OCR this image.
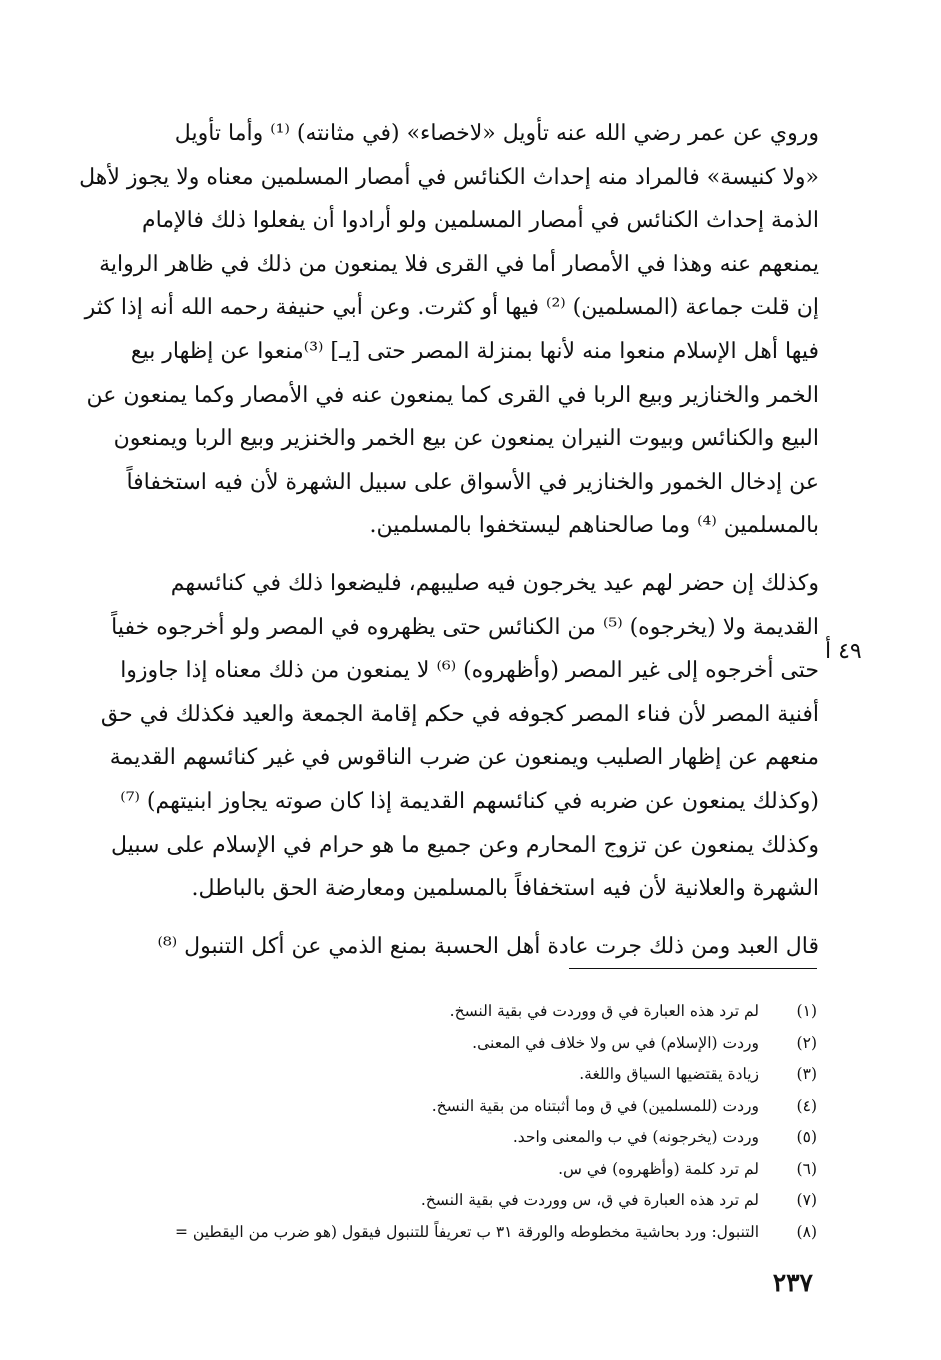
وروي عن عمر رضي الله عنه تأويل «لاخصاء» (في مثانته) ⁽¹⁾ وأما تأويل
«ولا كنيسة» فالمراد منه إحداث الكنائس في أمصار المسلمين معناه ولا يجوز لأهل
الذمة إحداث الكنائس في أمصار المسلمين ولو أرادوا أن يفعلوا ذلك فالإمام
يمنعهم عنه وهذا في الأمصار أما في القرى فلا يمنعون من ذلك في ظاهر الرواية
إن قلت جماعة (المسلمين) ⁽²⁾ فيها أو كثرت. وعن أبي حنيفة رحمه الله أنه إذا كثر
فيها أهل الإسلام منعوا منه لأنها بمنزلة المصر حتى [يـ] ⁽³⁾منعوا عن إظهار بيع
الخمر والخنازير وبيع الربا في القرى كما يمنعون عنه في الأمصار وكما يمنعون عن
البيع والكنائس وبيوت النيران يمنعون عن بيع الخمر والخنزير وبيع الربا ويمنعون
عن إدخال الخمور والخنازير في الأسواق على سبيل الشهرة لأن فيه استخفافاً
بالمسلمين ⁽⁴⁾ وما صالحناهم ليستخفوا بالمسلمين.

وكذلك إن حضر لهم عيد يخرجون فيه صليبهم، فليضعوا ذلك في كنائسهم
القديمة ولا (يخرجوه) ⁽⁵⁾ من الكنائس حتى يظهروه في المصر ولو أخرجوه خفياً
حتى أخرجوه إلى غير المصر (وأظهروه) ⁽⁶⁾ لا يمنعون من ذلك معناه إذا جاوزوا
أفنية المصر لأن فناء المصر كجوفه في حكم إقامة الجمعة والعيد فكذلك في حق
منعهم عن إظهار الصليب ويمنعون عن ضرب الناقوس في غير كنائسهم القديمة
(وكذلك يمنعون عن ضربه في كنائسهم القديمة إذا كان صوته يجاوز ابنيتهم) ⁽⁷⁾
وكذلك يمنعون عن تزوج المحارم وعن جميع ما هو حرام في الإسلام على سبيل
الشهرة والعلانية لأن فيه استخفافاً بالمسلمين ومعارضة الحق بالباطل.

قال العبد ومن ذلك جرت عادة أهل الحسبة بمنع الذمي عن أكل التنبول ⁽⁸⁾

٤٩ أ
(١)
لم ترد هذه العبارة في ق ووردت في بقية النسخ.
(٢)
وردت (الإسلام) في س ولا خلاف في المعنى.
(٣)
زيادة يقتضيها السياق واللغة.
(٤)
وردت (للمسلمين) في ق وما أثبتناه من بقية النسخ.
(٥)
وردت (يخرجونه) في ب والمعنى واحد.
(٦)
لم ترد كلمة (وأظهروه) في س.
(٧)
لم ترد هذه العبارة في ق، س ووردت في بقية النسخ.
(٨)
التنبول: ورد بحاشية مخطوطه والورقة ٣١ ب تعريفاً للتنبول فيقول (هو ضرب من اليقطين =
٢٣٧
